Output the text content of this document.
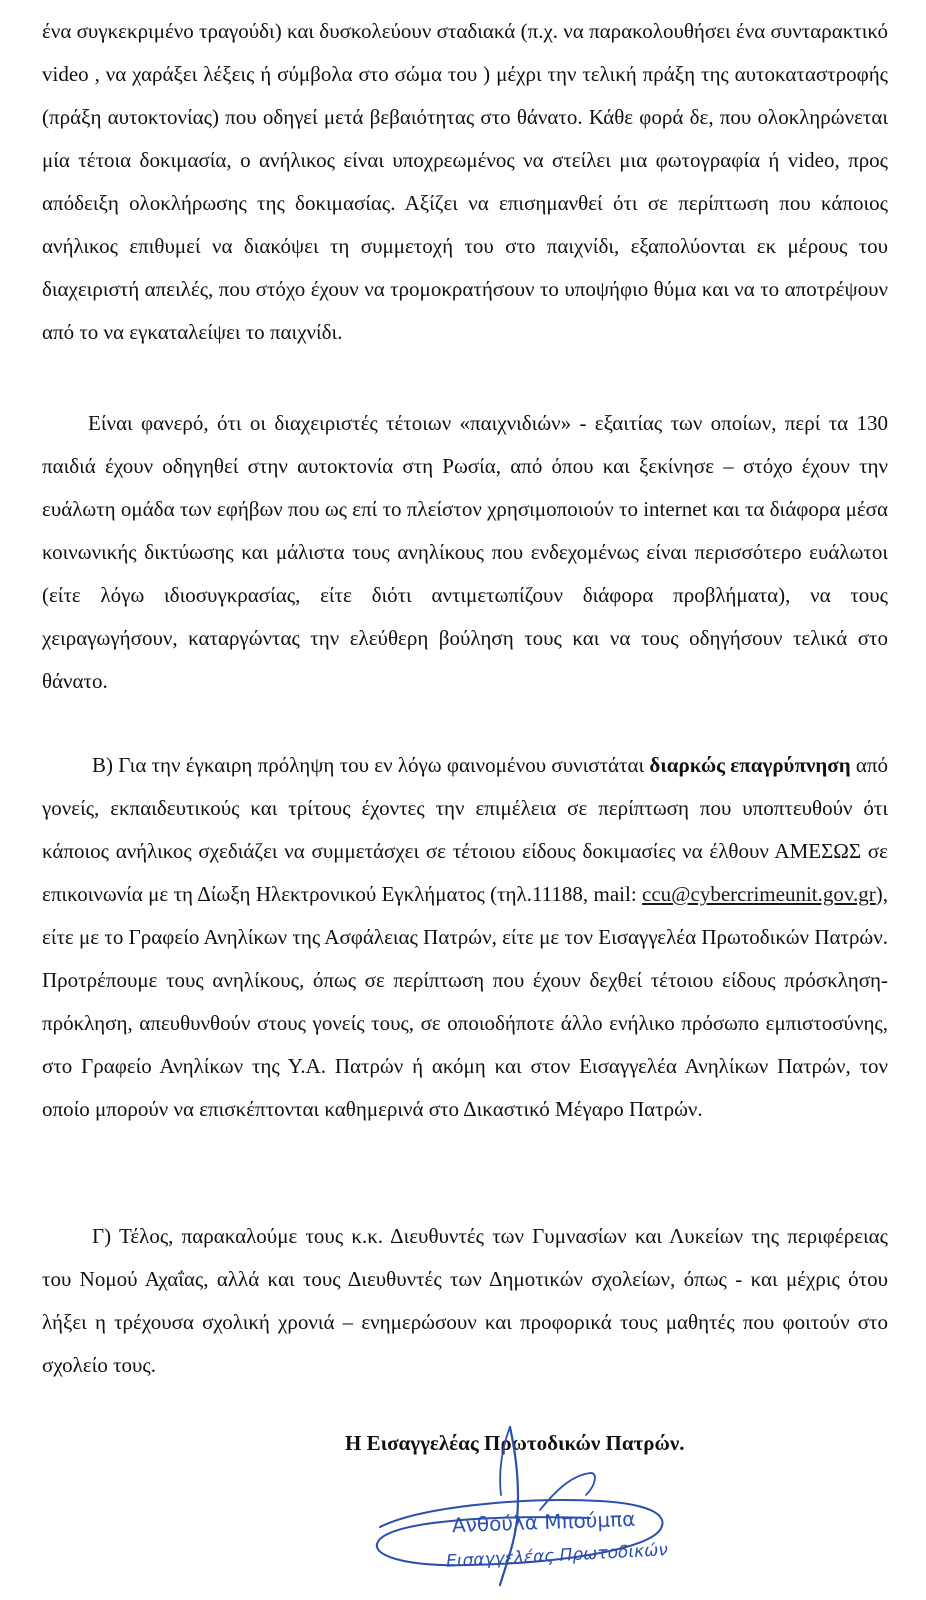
ένα συγκεκριμένο τραγούδι) και δυσκολεύουν σταδιακά (π.χ. να παρακολουθήσει ένα συνταρακτικό video , να χαράξει λέξεις ή σύμβολα στο σώμα του ) μέχρι την τελική πράξη της αυτοκαταστροφής (πράξη αυτοκτονίας) που οδηγεί μετά βεβαιότητας στο θάνατο. Κάθε φορά δε, που ολοκληρώνεται μία τέτοια δοκιμασία, ο ανήλικος είναι υποχρεωμένος να στείλει μια φωτογραφία ή video, προς απόδειξη ολοκλήρωσης της δοκιμασίας. Αξίζει να επισημανθεί ότι σε περίπτωση που κάποιος ανήλικος επιθυμεί να διακόψει τη συμμετοχή του στο παιχνίδι, εξαπολύονται εκ μέρους του διαχειριστή απειλές, που στόχο έχουν να τρομοκρατήσουν το υποψήφιο θύμα και να το αποτρέψουν από το να εγκαταλείψει το παιχνίδι.

Είναι φανερό, ότι οι διαχειριστές τέτοιων «παιχνιδιών» - εξαιτίας των οποίων, περί τα 130 παιδιά έχουν οδηγηθεί στην αυτοκτονία στη Ρωσία, από όπου και ξεκίνησε – στόχο έχουν την ευάλωτη ομάδα των εφήβων που ως επί το πλείστον χρησιμοποιούν το internet και τα διάφορα μέσα κοινωνικής δικτύωσης και μάλιστα τους ανηλίκους που ενδεχομένως είναι περισσότερο ευάλωτοι (είτε λόγω ιδιοσυγκρασίας, είτε διότι αντιμετωπίζουν διάφορα προβλήματα), να τους χειραγωγήσουν, καταργώντας την ελεύθερη βούληση τους και να τους οδηγήσουν τελικά στο θάνατο.

Β) Για την έγκαιρη πρόληψη του εν λόγω φαινομένου συνιστάται διαρκώς επαγρύπνηση από γονείς, εκπαιδευτικούς και τρίτους έχοντες την επιμέλεια σε περίπτωση που υποπτευθούν ότι κάποιος ανήλικος σχεδιάζει να συμμετάσχει σε τέτοιου είδους δοκιμασίες να έλθουν ΑΜΕΣΩΣ σε επικοινωνία με τη Δίωξη Ηλεκτρονικού Εγκλήματος (τηλ.11188, mail: ccu@cybercrimeunit.gov.gr), είτε με το Γραφείο Ανηλίκων της Ασφάλειας Πατρών, είτε με τον Εισαγγελέα Πρωτοδικών Πατρών. Προτρέπουμε τους ανηλίκους, όπως σε περίπτωση που έχουν δεχθεί τέτοιου είδους πρόσκληση-πρόκληση, απευθυνθούν στους γονείς τους, σε οποιοδήποτε άλλο ενήλικο πρόσωπο εμπιστοσύνης, στο Γραφείο Ανηλίκων της Υ.Α. Πατρών ή ακόμη και στον Εισαγγελέα Ανηλίκων Πατρών, τον οποίο μπορούν να επισκέπτονται καθημερινά στο Δικαστικό Μέγαρο Πατρών.

Γ) Τέλος, παρακαλούμε τους κ.κ. Διευθυντές των Γυμνασίων και Λυκείων της περιφέρειας του Νομού Αχαΐας, αλλά και τους Διευθυντές των Δημοτικών σχολείων, όπως - και μέχρις ότου λήξει η τρέχουσα σχολική χρονιά – ενημερώσουν και προφορικά τους μαθητές που φοιτούν στο σχολείο τους.

Η Εισαγγελέας Πρωτοδικών Πατρών.
Ανθούλα Μπούμπα
Εισαγγελέας Πρωτοδικών
